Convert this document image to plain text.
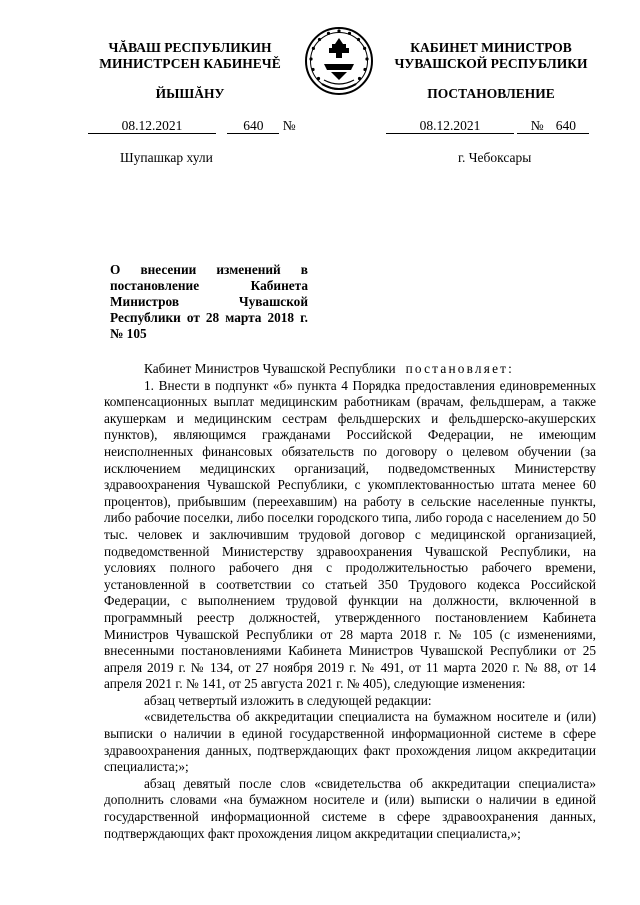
ЧĂВАШ РЕСПУБЛИКИН
МИНИСТРСЕН КАБИНЕЧĚ
ЙЫШĂНУ
КАБИНЕТ МИНИСТРОВ
ЧУВАШСКОЙ РЕСПУБЛИКИ
ПОСТАНОВЛЕНИЕ
08.12.2021	640 №	08.12.2021	№ 640
Шупашкар хули	г. Чебоксары
О внесении изменений в постановление Кабинета Министров Чувашской Республики от 28 марта 2018 г. № 105

Кабинет Министров Чувашской Республики постановляет:

1. Внести в подпункт «б» пункта 4 Порядка предоставления единовременных компенсационных выплат медицинским работникам (врачам, фельдшерам, а также акушеркам и медицинским сестрам фельдшерских и фельдшерско-акушерских пунктов), являющимся гражданами Российской Федерации, не имеющим неисполненных финансовых обязательств по договору о целевом обучении (за исключением медицинских организаций, подведомственных Министерству здравоохранения Чувашской Республики, с укомплектованностью штата менее 60 процентов), прибывшим (переехавшим) на работу в сельские населенные пункты, либо рабочие поселки, либо поселки городского типа, либо города с населением до 50 тыс. человек и заключившим трудовой договор с медицинской организацией, подведомственной Министерству здравоохранения Чувашской Республики, на условиях полного рабочего дня с продолжительностью рабочего времени, установленной в соответствии со статьей 350 Трудового кодекса Российской Федерации, с выполнением трудовой функции на должности, включенной в программный реестр должностей, утвержденного постановлением Кабинета Министров Чувашской Республики от 28 марта 2018 г. № 105 (с изменениями, внесенными постановлениями Кабинета Министров Чувашской Республики от 25 апреля 2019 г. № 134, от 27 ноября 2019 г. № 491, от 11 марта 2020 г. № 88, от 14 апреля 2021 г. № 141, от 25 августа 2021 г. № 405), следующие изменения:

абзац четвертый изложить в следующей редакции:

«свидетельства об аккредитации специалиста на бумажном носителе и (или) выписки о наличии в единой государственной информационной системе в сфере здравоохранения данных, подтверждающих факт прохождения лицом аккредитации специалиста;»;

абзац девятый после слов «свидетельства об аккредитации специалиста» дополнить словами «на бумажном носителе и (или) выписки о наличии в единой государственной информационной системе в сфере здравоохранения данных, подтверждающих факт прохождения лицом аккредитации специалиста,»;
